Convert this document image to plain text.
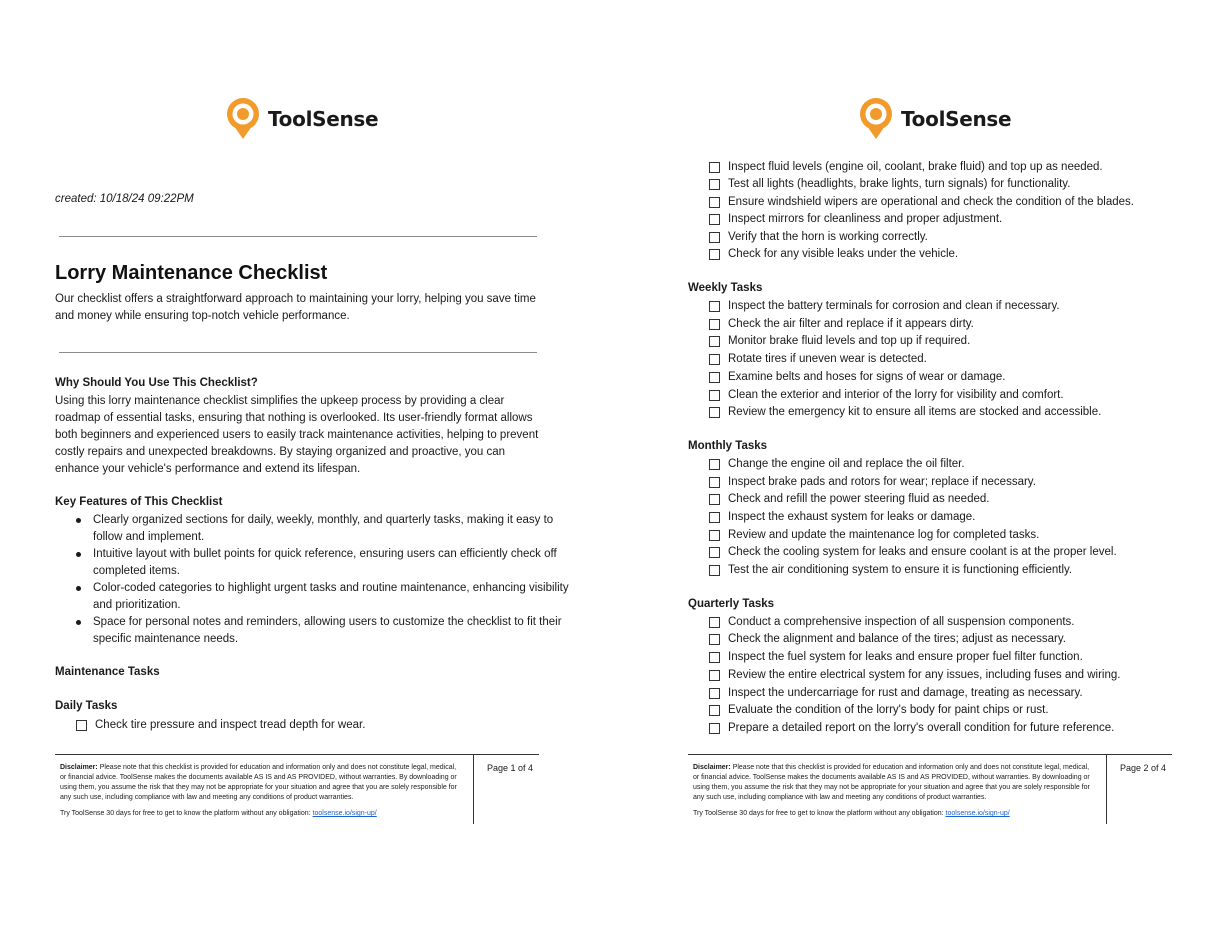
ToolSense
created: 10/18/24 09:22PM
Lorry Maintenance Checklist

Our checklist offers a straightforward approach to maintaining your lorry, helping you save time and money while ensuring top-notch vehicle performance.

Why Should You Use This Checklist?

Using this lorry maintenance checklist simplifies the upkeep process by providing a clear roadmap of essential tasks, ensuring that nothing is overlooked. Its user-friendly format allows both beginners and experienced users to easily track maintenance activities, helping to prevent costly repairs and unexpected breakdowns. By staying organized and proactive, you can enhance your vehicle's performance and extend its lifespan.

Key Features of This Checklist
Clearly organized sections for daily, weekly, monthly, and quarterly tasks, making it easy to follow and implement.
Intuitive layout with bullet points for quick reference, ensuring users can efficiently check off completed items.
Color-coded categories to highlight urgent tasks and routine maintenance, enhancing visibility and prioritization.
Space for personal notes and reminders, allowing users to customize the checklist to fit their specific maintenance needs.
Maintenance Tasks
Daily Tasks
Check tire pressure and inspect tread depth for wear.

Disclaimer: Please note that this checklist is provided for education and information only and does not constitute legal, medical, or financial advice. ToolSense makes the documents available AS IS and AS PROVIDED, without warranties. By downloading or using them, you assume the risk that they may not be appropriate for your situation and agree that you are solely responsible for any such use, including compliance with law and meeting any conditions of product warranties.

Try ToolSense 30 days for free to get to know the platform without any obligation: toolsense.io/sign-up/

Page 1 of 4
ToolSense
Inspect fluid levels (engine oil, coolant, brake fluid) and top up as needed.
Test all lights (headlights, brake lights, turn signals) for functionality.
Ensure windshield wipers are operational and check the condition of the blades.
Inspect mirrors for cleanliness and proper adjustment.
Verify that the horn is working correctly.
Check for any visible leaks under the vehicle.
Weekly Tasks
Inspect the battery terminals for corrosion and clean if necessary.
Check the air filter and replace if it appears dirty.
Monitor brake fluid levels and top up if required.
Rotate tires if uneven wear is detected.
Examine belts and hoses for signs of wear or damage.
Clean the exterior and interior of the lorry for visibility and comfort.
Review the emergency kit to ensure all items are stocked and accessible.
Monthly Tasks
Change the engine oil and replace the oil filter.
Inspect brake pads and rotors for wear; replace if necessary.
Check and refill the power steering fluid as needed.
Inspect the exhaust system for leaks or damage.
Review and update the maintenance log for completed tasks.
Check the cooling system for leaks and ensure coolant is at the proper level.
Test the air conditioning system to ensure it is functioning efficiently.
Quarterly Tasks
Conduct a comprehensive inspection of all suspension components.
Check the alignment and balance of the tires; adjust as necessary.
Inspect the fuel system for leaks and ensure proper fuel filter function.
Review the entire electrical system for any issues, including fuses and wiring.
Inspect the undercarriage for rust and damage, treating as necessary.
Evaluate the condition of the lorry's body for paint chips or rust.
Prepare a detailed report on the lorry's overall condition for future reference.

Disclaimer: Please note that this checklist is provided for education and information only and does not constitute legal, medical, or financial advice. ToolSense makes the documents available AS IS and AS PROVIDED, without warranties. By downloading or using them, you assume the risk that they may not be appropriate for your situation and agree that you are solely responsible for any such use, including compliance with law and meeting any conditions of product warranties.

Try ToolSense 30 days for free to get to know the platform without any obligation: toolsense.io/sign-up/

Page 2 of 4
